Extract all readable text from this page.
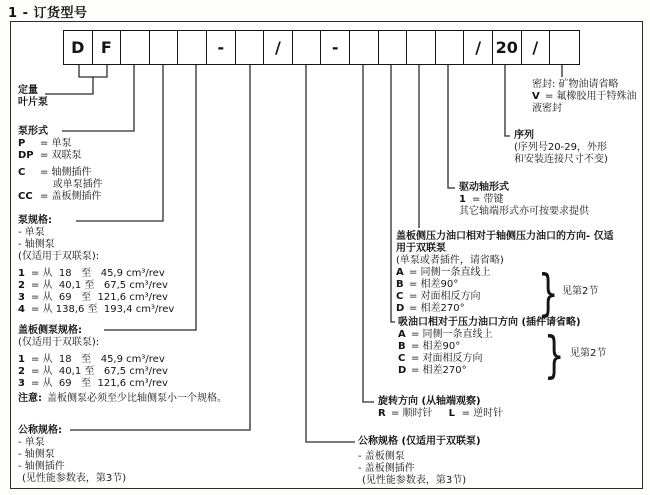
1 - 订货型号
D	F	-	/	-	/ 20 /
定量
叶片泵
泵形式
P	= 单泵
DP = 双联泵
C	= 轴侧插件
或单泵插件
CC = 盖板侧插件
泵规格:
- 单泵
- 轴侧泵
(仅适用于双联泵):
1 = 从  18   至   45,9 cm³/rev
2 = 从  40,1 至   67,5 cm³/rev
3 = 从  69   至  121,6 cm³/rev
4 = 从 138,6 至  193,4 cm³/rev
盖板侧泵规格:
(仅适用于双联泵):
1 = 从  18   至   45,9 cm³/rev
2 = 从  40,1 至   67,5 cm³/rev
3 = 从  69   至  121,6 cm³/rev
注意: 盖板侧泵必须至少比轴侧泵小一个规格。
公称规格:
- 单泵
- 轴侧泵
- 轴侧插件
(见性能参数表，第3节)
公称规格 (仅适用于双联泵)
- 盖板侧泵
- 盖板侧插件
(见性能参数表，第3节)
旋转方向 (从轴端观察)
R = 顺时针 L = 逆时针
吸油口相对于压力油口方向 (插件请省略)
A = 同侧一条直线上
B = 相差90°
C = 对面相反方向
D = 相差270° } 见第2节
盖板侧压力油口相对于轴侧压力油口的方向- 仅适
用于双联泵
(单泵或者插件，请省略)
A = 同侧一条直线上
B = 相差90°
C = 对面相反方向
D = 相差270° } 见第2节
驱动轴形式
1 = 带键
其它轴端形式亦可按要求提供
序列
(序列号20-29，外形
和安装连接尺寸不变)
密封: 矿物油请省略
V = 氟橡胶用于特殊油
液密封
